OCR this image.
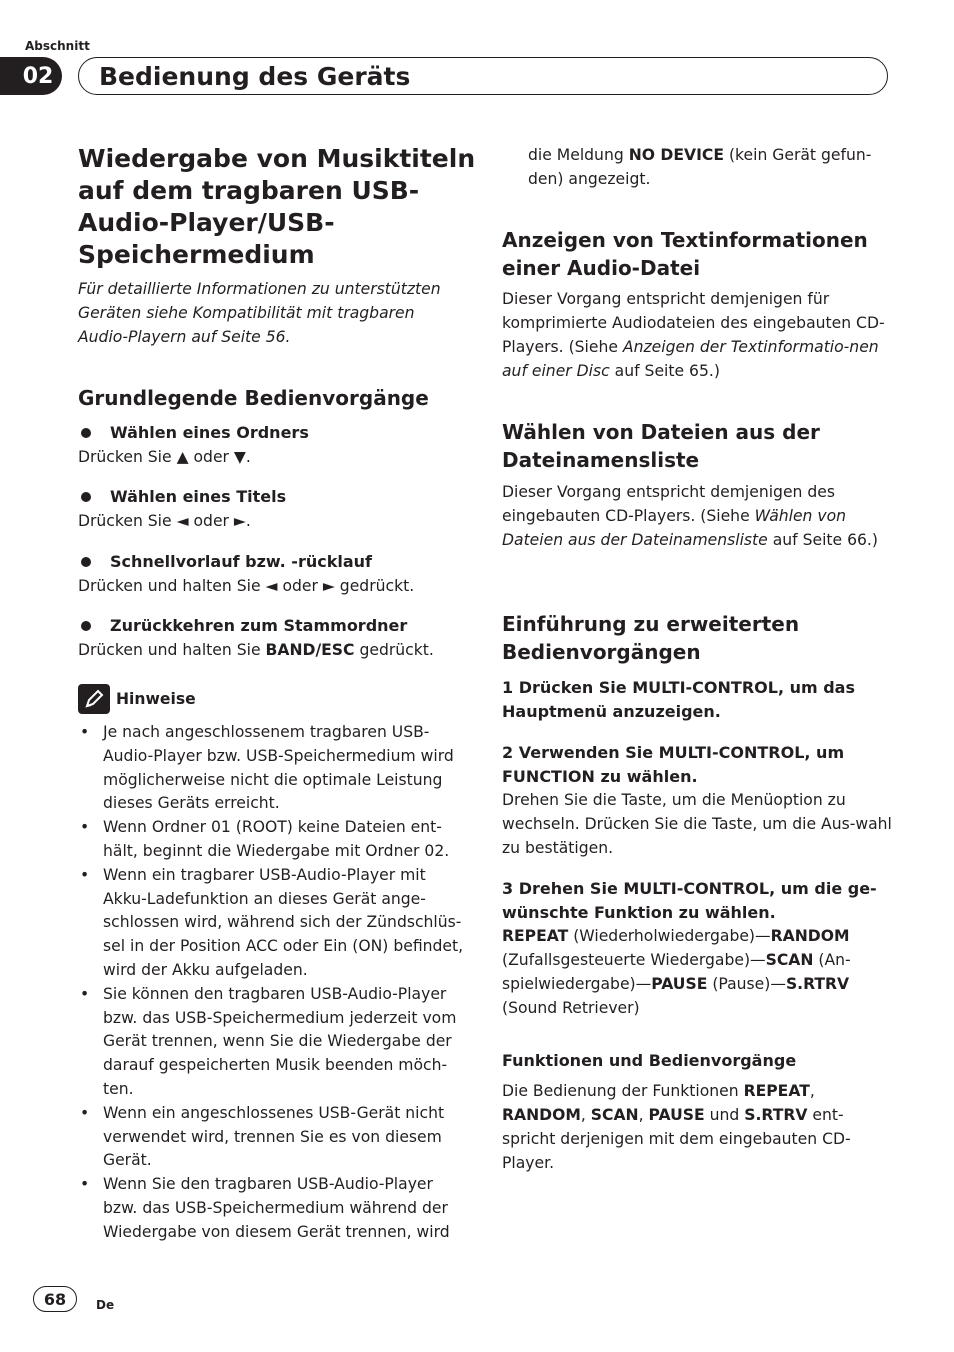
Abschnitt
02	Bedienung des Geräts
Wiedergabe von Musiktiteln auf dem tragbaren USB-Audio-Player/USB-Speichermedium

Für detaillierte Informationen zu unterstützten Geräten siehe Kompatibilität mit tragbaren Audio-Playern auf Seite 56.

Grundlegende Bedienvorgänge
Wählen eines Ordners

Drücken Sie ▲ oder ▼.

Wählen eines Titels

Drücken Sie ◄ oder ►.

Schnellvorlauf bzw. -rücklauf

Drücken und halten Sie ◄ oder ► gedrückt.

Zurückkehren zum Stammordner

Drücken und halten Sie BAND/ESC gedrückt.

Hinweise
• Je nach angeschlossenem tragbaren USB-Audio-Player bzw. USB-Speichermedium wird möglicherweise nicht die optimale Leistung dieses Geräts erreicht.
• Wenn Ordner 01 (ROOT) keine Dateien ent-hält, beginnt die Wiedergabe mit Ordner 02.
• Wenn ein tragbarer USB-Audio-Player mit Akku-Ladefunktion an dieses Gerät ange-schlossen wird, während sich der Zündschlüs-sel in der Position ACC oder Ein (ON) befindet, wird der Akku aufgeladen.
• Sie können den tragbaren USB-Audio-Player bzw. das USB-Speichermedium jederzeit vom Gerät trennen, wenn Sie die Wiedergabe der darauf gespeicherten Musik beenden möch-ten.
• Wenn ein angeschlossenes USB-Gerät nicht verwendet wird, trennen Sie es von diesem Gerät.
• Wenn Sie den tragbaren USB-Audio-Player bzw. das USB-Speichermedium während der Wiedergabe von diesem Gerät trennen, wird

die Meldung NO DEVICE (kein Gerät gefun-den) angezeigt.

Anzeigen von Textinformationen einer Audio-Datei

Dieser Vorgang entspricht demjenigen für komprimierte Audiodateien des eingebauten CD-Players. (Siehe Anzeigen der Textinformatio-nen auf einer Disc auf Seite 65.)

Wählen von Dateien aus der Dateinamensliste

Dieser Vorgang entspricht demjenigen des eingebauten CD-Players. (Siehe Wählen von Dateien aus der Dateinamensliste auf Seite 66.)

Einführung zu erweiterten Bedienvorgängen

1 Drücken Sie MULTI-CONTROL, um das Hauptmenü anzuzeigen.

2 Verwenden Sie MULTI-CONTROL, um FUNCTION zu wählen.

Drehen Sie die Taste, um die Menüoption zu wechseln. Drücken Sie die Taste, um die Aus-wahl zu bestätigen.

3 Drehen Sie MULTI-CONTROL, um die ge-wünschte Funktion zu wählen.

REPEAT (Wiederholwiedergabe)—RANDOM (Zufallsgesteuerte Wiedergabe)—SCAN (An-spielwiedergabe)—PAUSE (Pause)—S.RTRV (Sound Retriever)

Funktionen und Bedienvorgänge

Die Bedienung der Funktionen REPEAT, RANDOM, SCAN, PAUSE und S.RTRV ent-spricht derjenigen mit dem eingebauten CD-Player.

68	De
